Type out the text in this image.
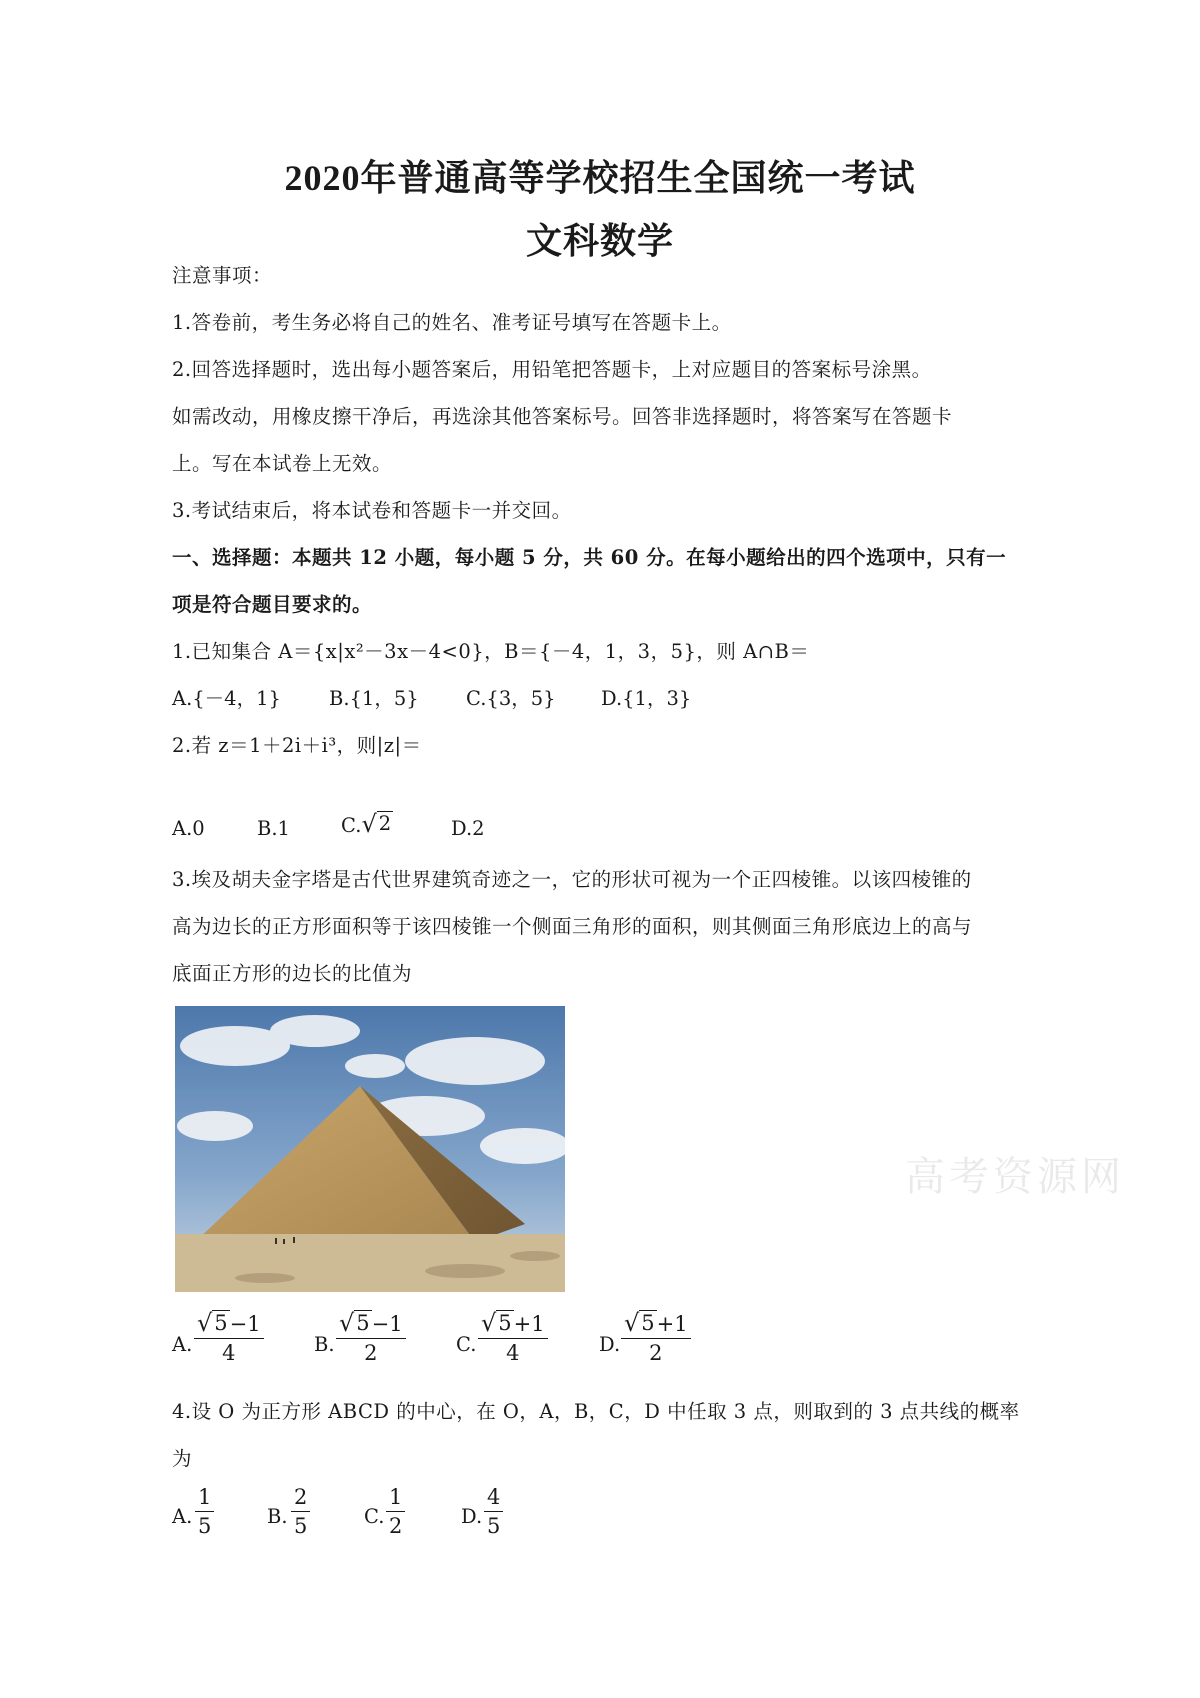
2020年普通高等学校招生全国统一考试
文科数学
注意事项：
1.答卷前，考生务必将自己的姓名、准考证号填写在答题卡上。
2.回答选择题时，选出每小题答案后，用铅笔把答题卡，上对应题目的答案标号涂黑。
如需改动，用橡皮擦干净后，再选涂其他答案标号。回答非选择题时，将答案写在答题卡
上。写在本试卷上无效。
3.考试结束后，将本试卷和答题卡一并交回。
一、选择题：本题共 12 小题，每小题 5 分，共 60 分。在每小题给出的四个选项中，只有一
项是符合题目要求的。
1.已知集合 A＝{x|x²－3x－4<0}，B＝{－4，1，3，5}，则 A∩B＝
A.{－4，1} B.{1，5} C.{3，5} D.{1，3}
2.若 z＝1＋2i＋i³，则|z|＝
A.0	B.1	C. √ 2	D.2
3.埃及胡夫金字塔是古代世界建筑奇迹之一，它的形状可视为一个正四棱锥。以该四棱锥的
高为边长的正方形面积等于该四棱锥一个侧面三角形的面积，则其侧面三角形底边上的高与
底面正方形的边长的比值为
高考资源网
A.
√ 5 −1
4	B.
√ 5 −1
2	C.
√ 5 +1
4	D.
√ 5 +1
2
4.设 O 为正方形 ABCD 的中心，在 O，A，B，C，D 中任取 3 点，则取到的 3 点共线的概率
为
A.
1
5	B.
2
5	C.
1
2	D.
4
5
